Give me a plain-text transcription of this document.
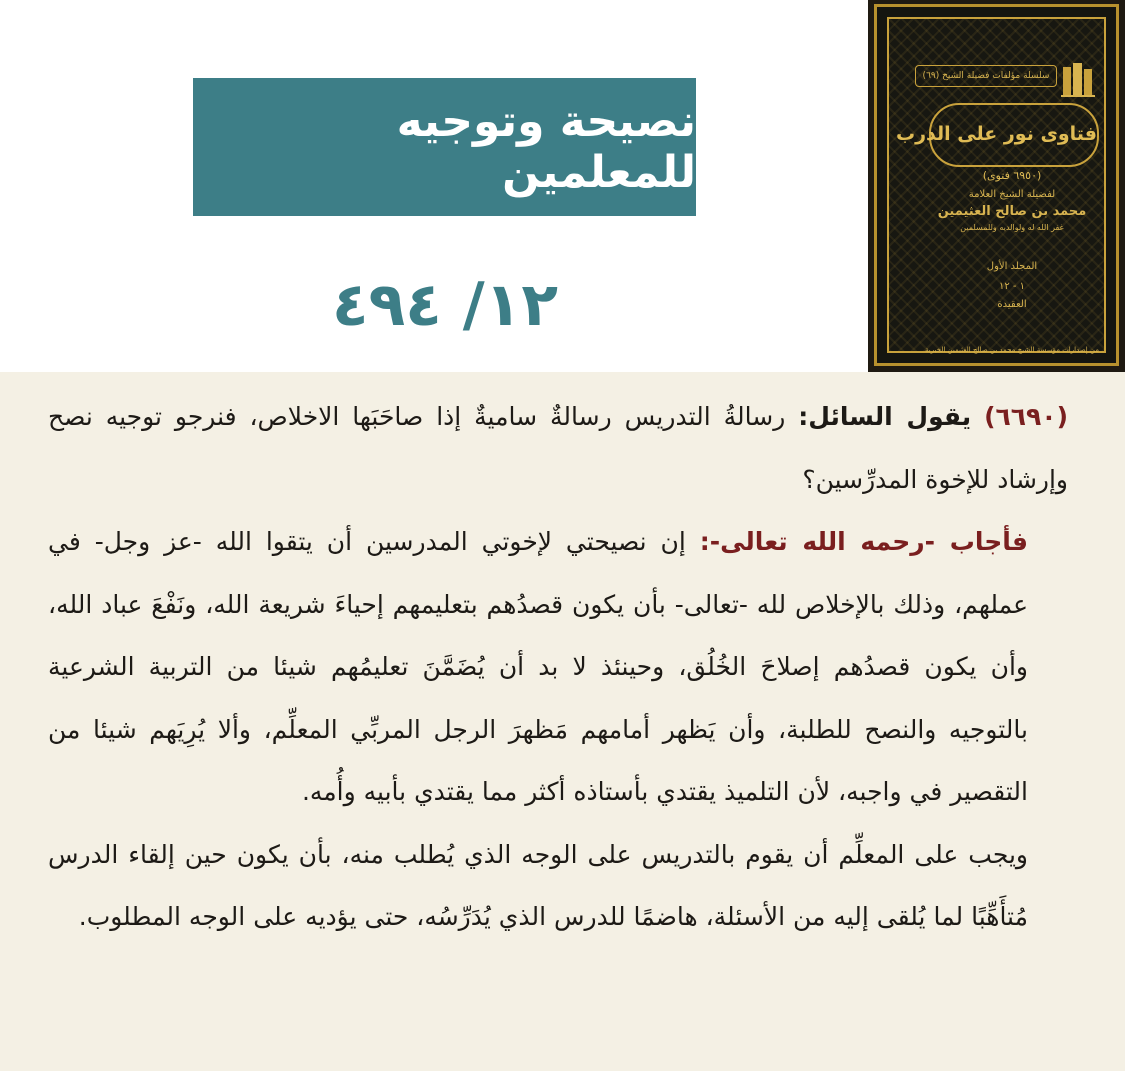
نصيحة وتوجيه للمعلمين
١٢/ ٤٩٤
سلسلة مؤلفات فضيلة الشيخ (٦٩)
فتاوى نور على الدرب
(٦٩٥٠ فتوى)
لفضيلة الشيخ العلامة
محمد بن صالح العثيمين
غفر الله له ولوالديه وللمسلمين
المجلد الأول
١ - ١٢
العقيدة
من إصدارات مؤسسة الشيخ محمد بن صالح العثيمين الخيرية

(٦٦٩٠) يقول السائل: رسالةُ التدريس رسالةٌ ساميةٌ إذا صاحَبَها الاخلاص، فنرجو توجيه نصح وإرشاد للإخوة المدرِّسين؟

فأجاب -رحمه الله تعالى-: إن نصيحتي لإخوتي المدرسين أن يتقوا الله -عز وجل- في عملهم، وذلك بالإخلاص لله -تعالى- بأن يكون قصدُهم بتعليمهم إحياءَ شريعة الله، ونَفْعَ عباد الله، وأن يكون قصدُهم إصلاحَ الخُلُق، وحينئذ لا بد أن يُضَمَّنَ تعليمُهم شيئا من التربية الشرعية بالتوجيه والنصح للطلبة، وأن يَظهر أمامهم مَظهرَ الرجل المربِّي المعلِّم، وألا يُرِيَهم شيئا من التقصير في واجبه، لأن التلميذ يقتدي بأستاذه أكثر مما يقتدي بأبيه وأُمه.

ويجب على المعلِّم أن يقوم بالتدريس على الوجه الذي يُطلب منه، بأن يكون حين إلقاء الدرس مُتأَهِّبًا لما يُلقى إليه من الأسئلة، هاضمًا للدرس الذي يُدَرِّسُه، حتى يؤديه على الوجه المطلوب.
